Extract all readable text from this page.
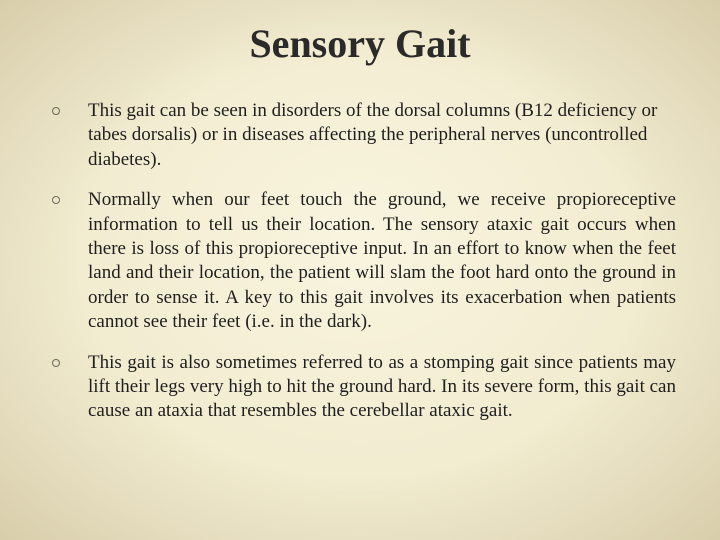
Sensory Gait
This gait can be seen in disorders of the dorsal columns (B12 deficiency or tabes dorsalis) or in diseases affecting the peripheral nerves (uncontrolled diabetes).
Normally when our feet touch the ground, we receive propioreceptive information to tell us their location. The sensory ataxic gait occurs when there is loss of this propioreceptive input. In an effort to know when the feet land and their location, the patient will slam the foot hard onto the ground in order to sense it. A key to this gait involves its exacerbation when patients cannot see their feet (i.e. in the dark).
This gait is also sometimes referred to as a stomping gait since patients may lift their legs very high to hit the ground hard. In its severe form, this gait can cause an ataxia that resembles the cerebellar ataxic gait.
